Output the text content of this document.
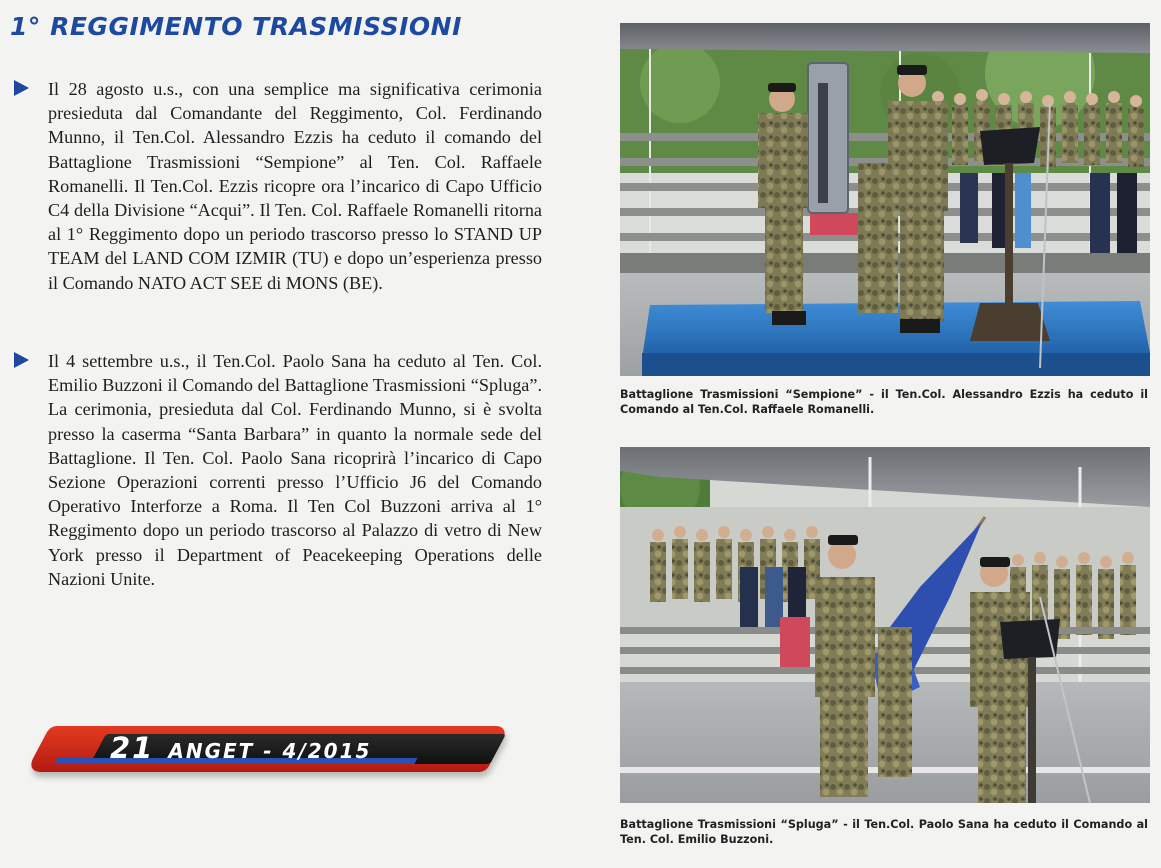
1° REGGIMENTO TRASMISSIONI

Il 28 agosto u.s., con una semplice ma significativa cerimonia presieduta dal Comandante del Reggimento, Col. Ferdinando Munno, il Ten.Col. Alessandro Ezzis ha ceduto il comando del Battaglione Trasmissioni “Sempione” al Ten. Col. Raffaele Romanelli. Il Ten.Col. Ezzis ricopre ora l’incarico di Capo Ufficio C4 della Divisione “Acqui”. Il Ten. Col. Raffaele Romanelli ritorna al 1° Reggimento dopo un periodo trascorso presso lo STAND UP TEAM del LAND COM IZMIR (TU) e dopo un’esperienza presso il Comando NATO ACT SEE di MONS (BE).

Il 4 settembre u.s., il Ten.Col. Paolo Sana ha ceduto al Ten. Col. Emilio Buzzoni il Comando del Battaglione Trasmissioni “Spluga”. La cerimonia, presieduta dal Col. Ferdinando Munno, si è svolta presso la caserma “Santa Barbara” in quanto la normale sede del Battaglione. Il Ten. Col. Paolo Sana ricoprirà l’incarico di Capo Sezione Operazioni correnti presso l’Ufficio J6 del Comando Operativo Interforze a Roma. Il Ten Col Buzzoni arriva al 1° Reggimento dopo un periodo trascorso al Palazzo di vetro di New York presso il Department of Peacekeeping Operations delle Nazioni Unite.

21 ANGET - 4/2015

Battaglione Trasmissioni “Sempione” - il Ten.Col. Alessandro Ezzis ha ceduto il Comando al Ten.Col. Raffaele Romanelli.

Battaglione Trasmissioni “Spluga” - il Ten.Col. Paolo Sana ha ceduto il Comando al Ten. Col. Emilio Buzzoni.
